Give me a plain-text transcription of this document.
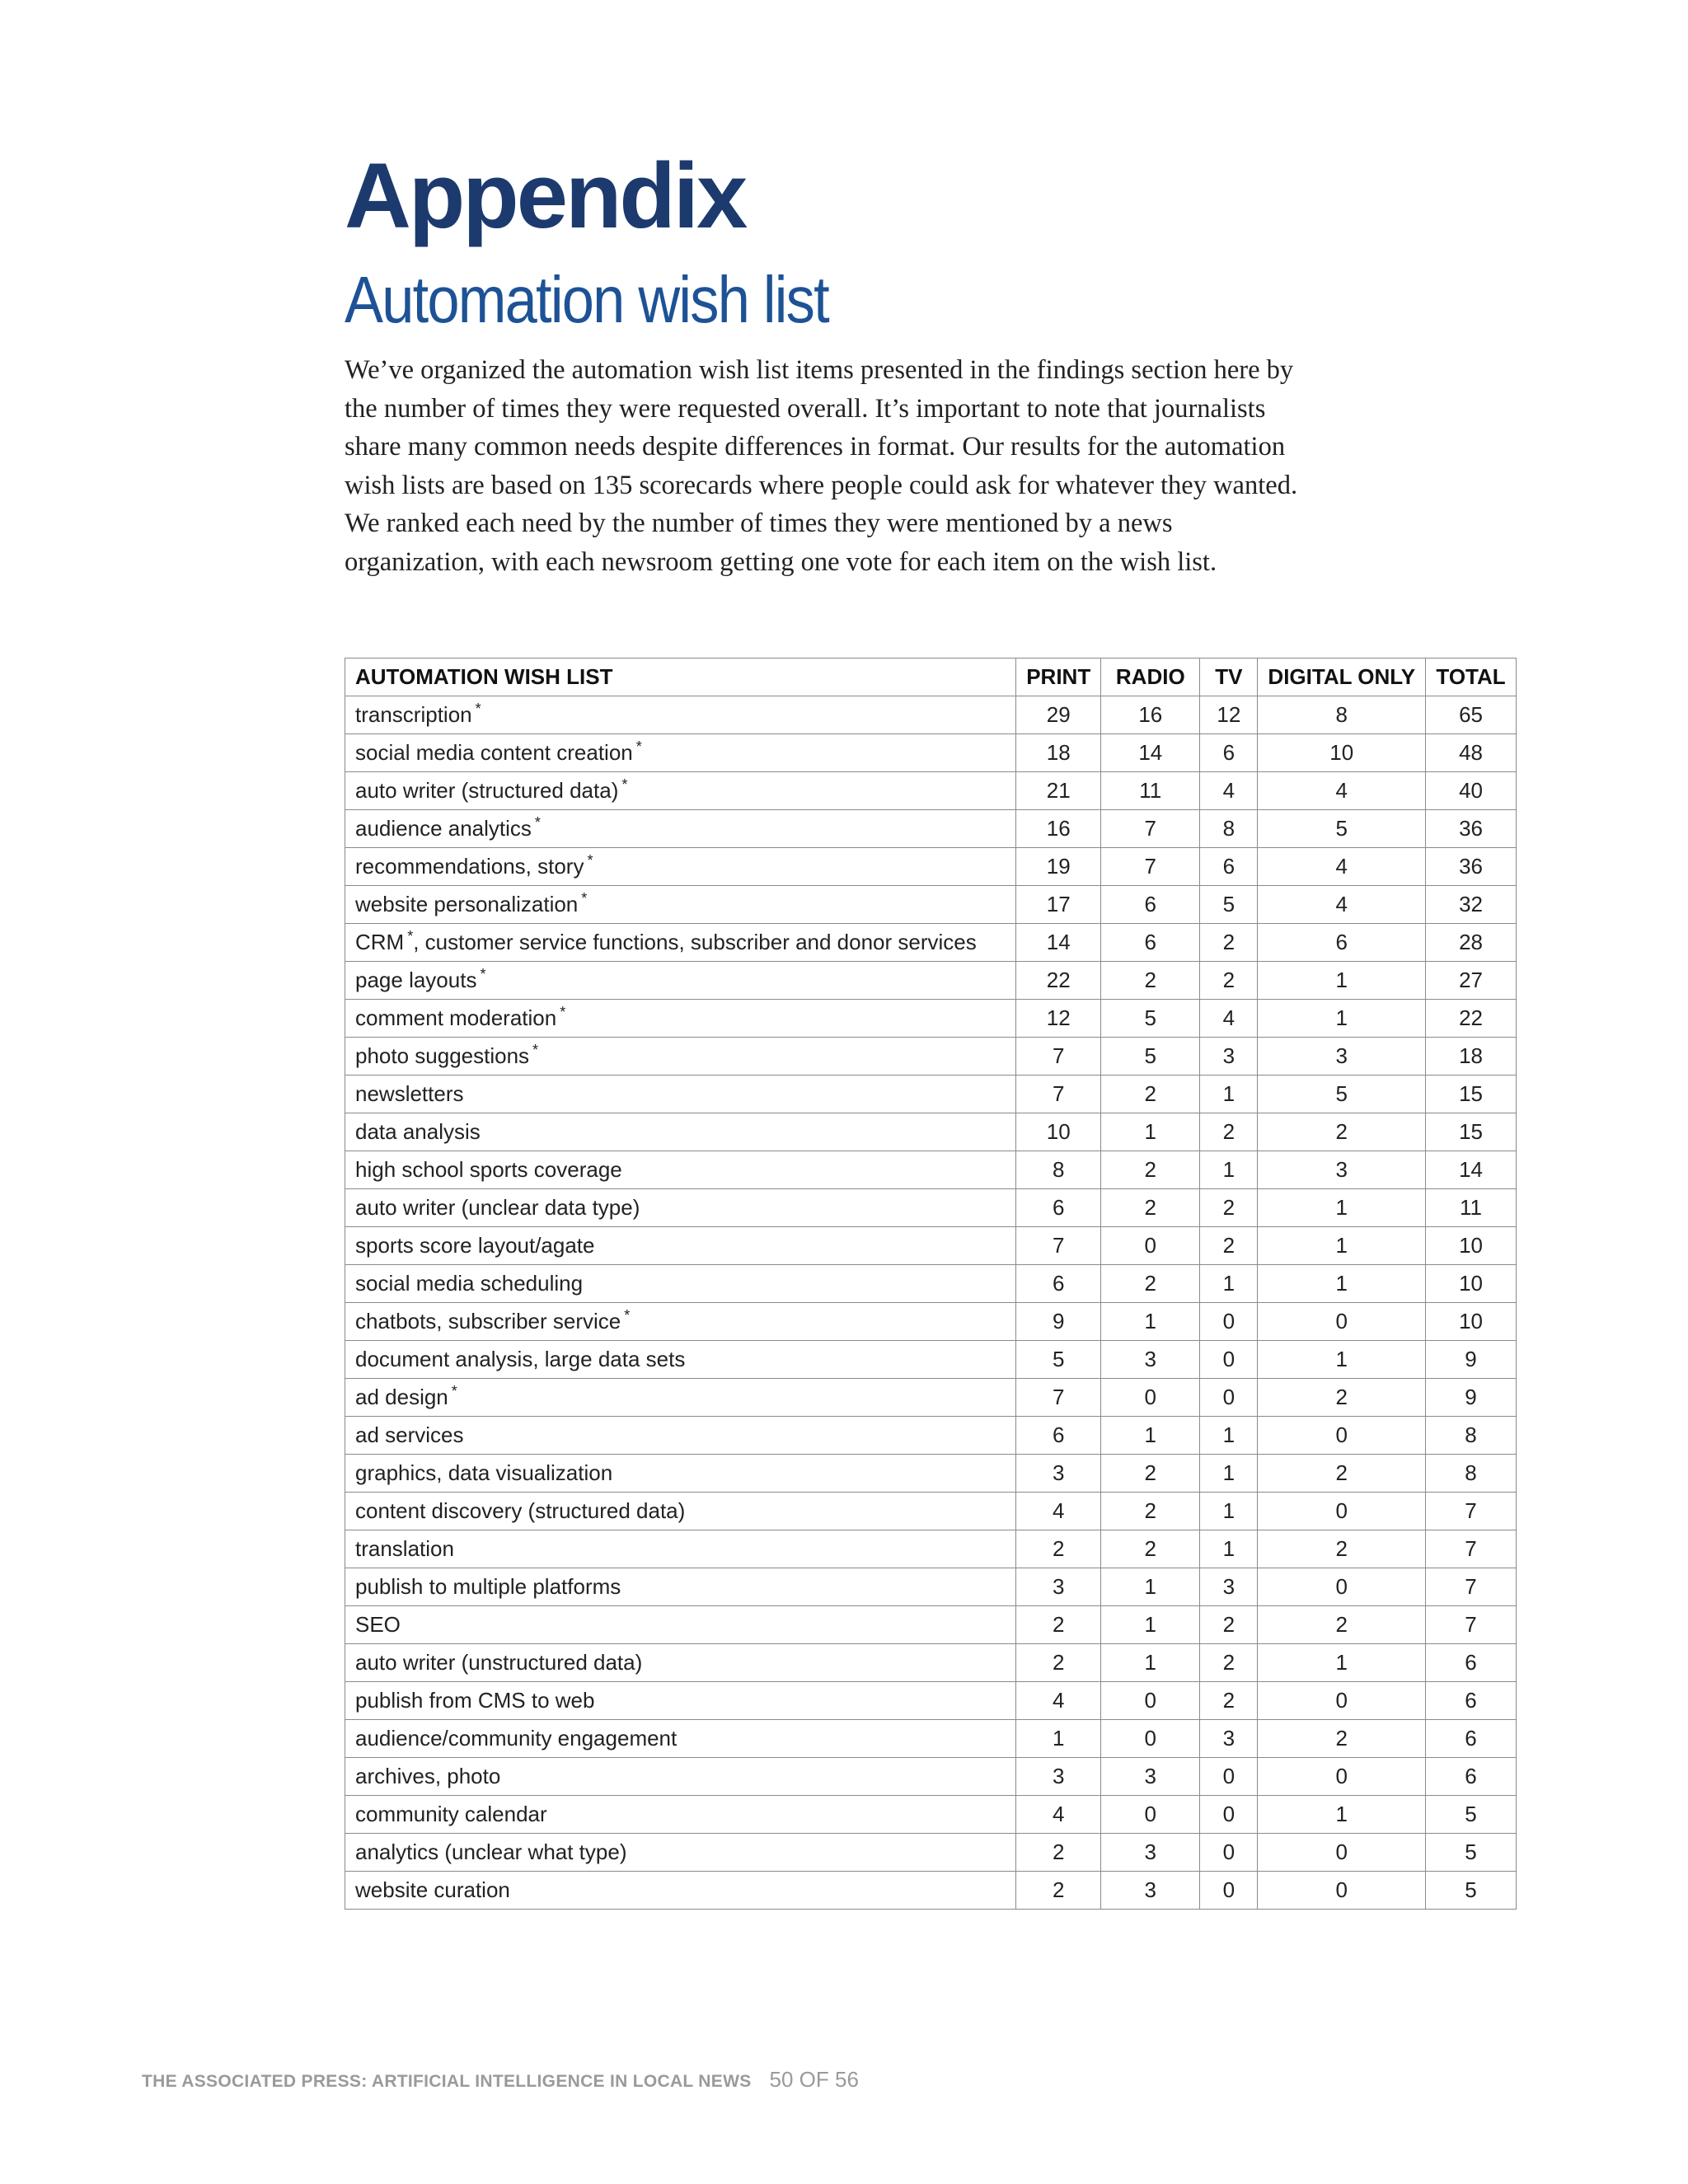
Appendix
Automation wish list

We’ve organized the automation wish list items presented in the findings section here by the number of times they were requested overall. It’s important to note that journalists share many common needs despite differences in format. Our results for the automation wish lists are based on 135 scorecards where people could ask for whatever they wanted. We ranked each need by the number of times they were mentioned by a news organization, with each newsroom getting one vote for each item on the wish list.

AUTOMATION WISH LIST	PRINT	RADIO	TV	DIGITAL ONLY	TOTAL
transcription *	29	16	12	8	65
social media content creation *	18	14	6	10	48
auto writer (structured data) *	21	11	4	4	40
audience analytics *	16	7	8	5	36
recommendations, story *	19	7	6	4	36
website personalization *	17	6	5	4	32
CRM *, customer service functions, subscriber and donor services	14	6	2	6	28
page layouts *	22	2	2	1	27
comment moderation *	12	5	4	1	22
photo suggestions *	7	5	3	3	18
newsletters	7	2	1	5	15
data analysis	10	1	2	2	15
high school sports coverage	8	2	1	3	14
auto writer (unclear data type)	6	2	2	1	11
sports score layout/agate	7	0	2	1	10
social media scheduling	6	2	1	1	10
chatbots, subscriber service *	9	1	0	0	10
document analysis, large data sets	5	3	0	1	9
ad design *	7	0	0	2	9
ad services	6	1	1	0	8
graphics, data visualization	3	2	1	2	8
content discovery (structured data)	4	2	1	0	7
translation	2	2	1	2	7
publish to multiple platforms	3	1	3	0	7
SEO	2	1	2	2	7
auto writer (unstructured data)	2	1	2	1	6
publish from CMS to web	4	0	2	0	6
audience/community engagement	1	0	3	2	6
archives, photo	3	3	0	0	6
community calendar	4	0	0	1	5
analytics (unclear what type)	2	3	0	0	5
website curation	2	3	0	0	5
THE ASSOCIATED PRESS: ARTIFICIAL INTELLIGENCE IN LOCAL NEWS 50 OF 56
